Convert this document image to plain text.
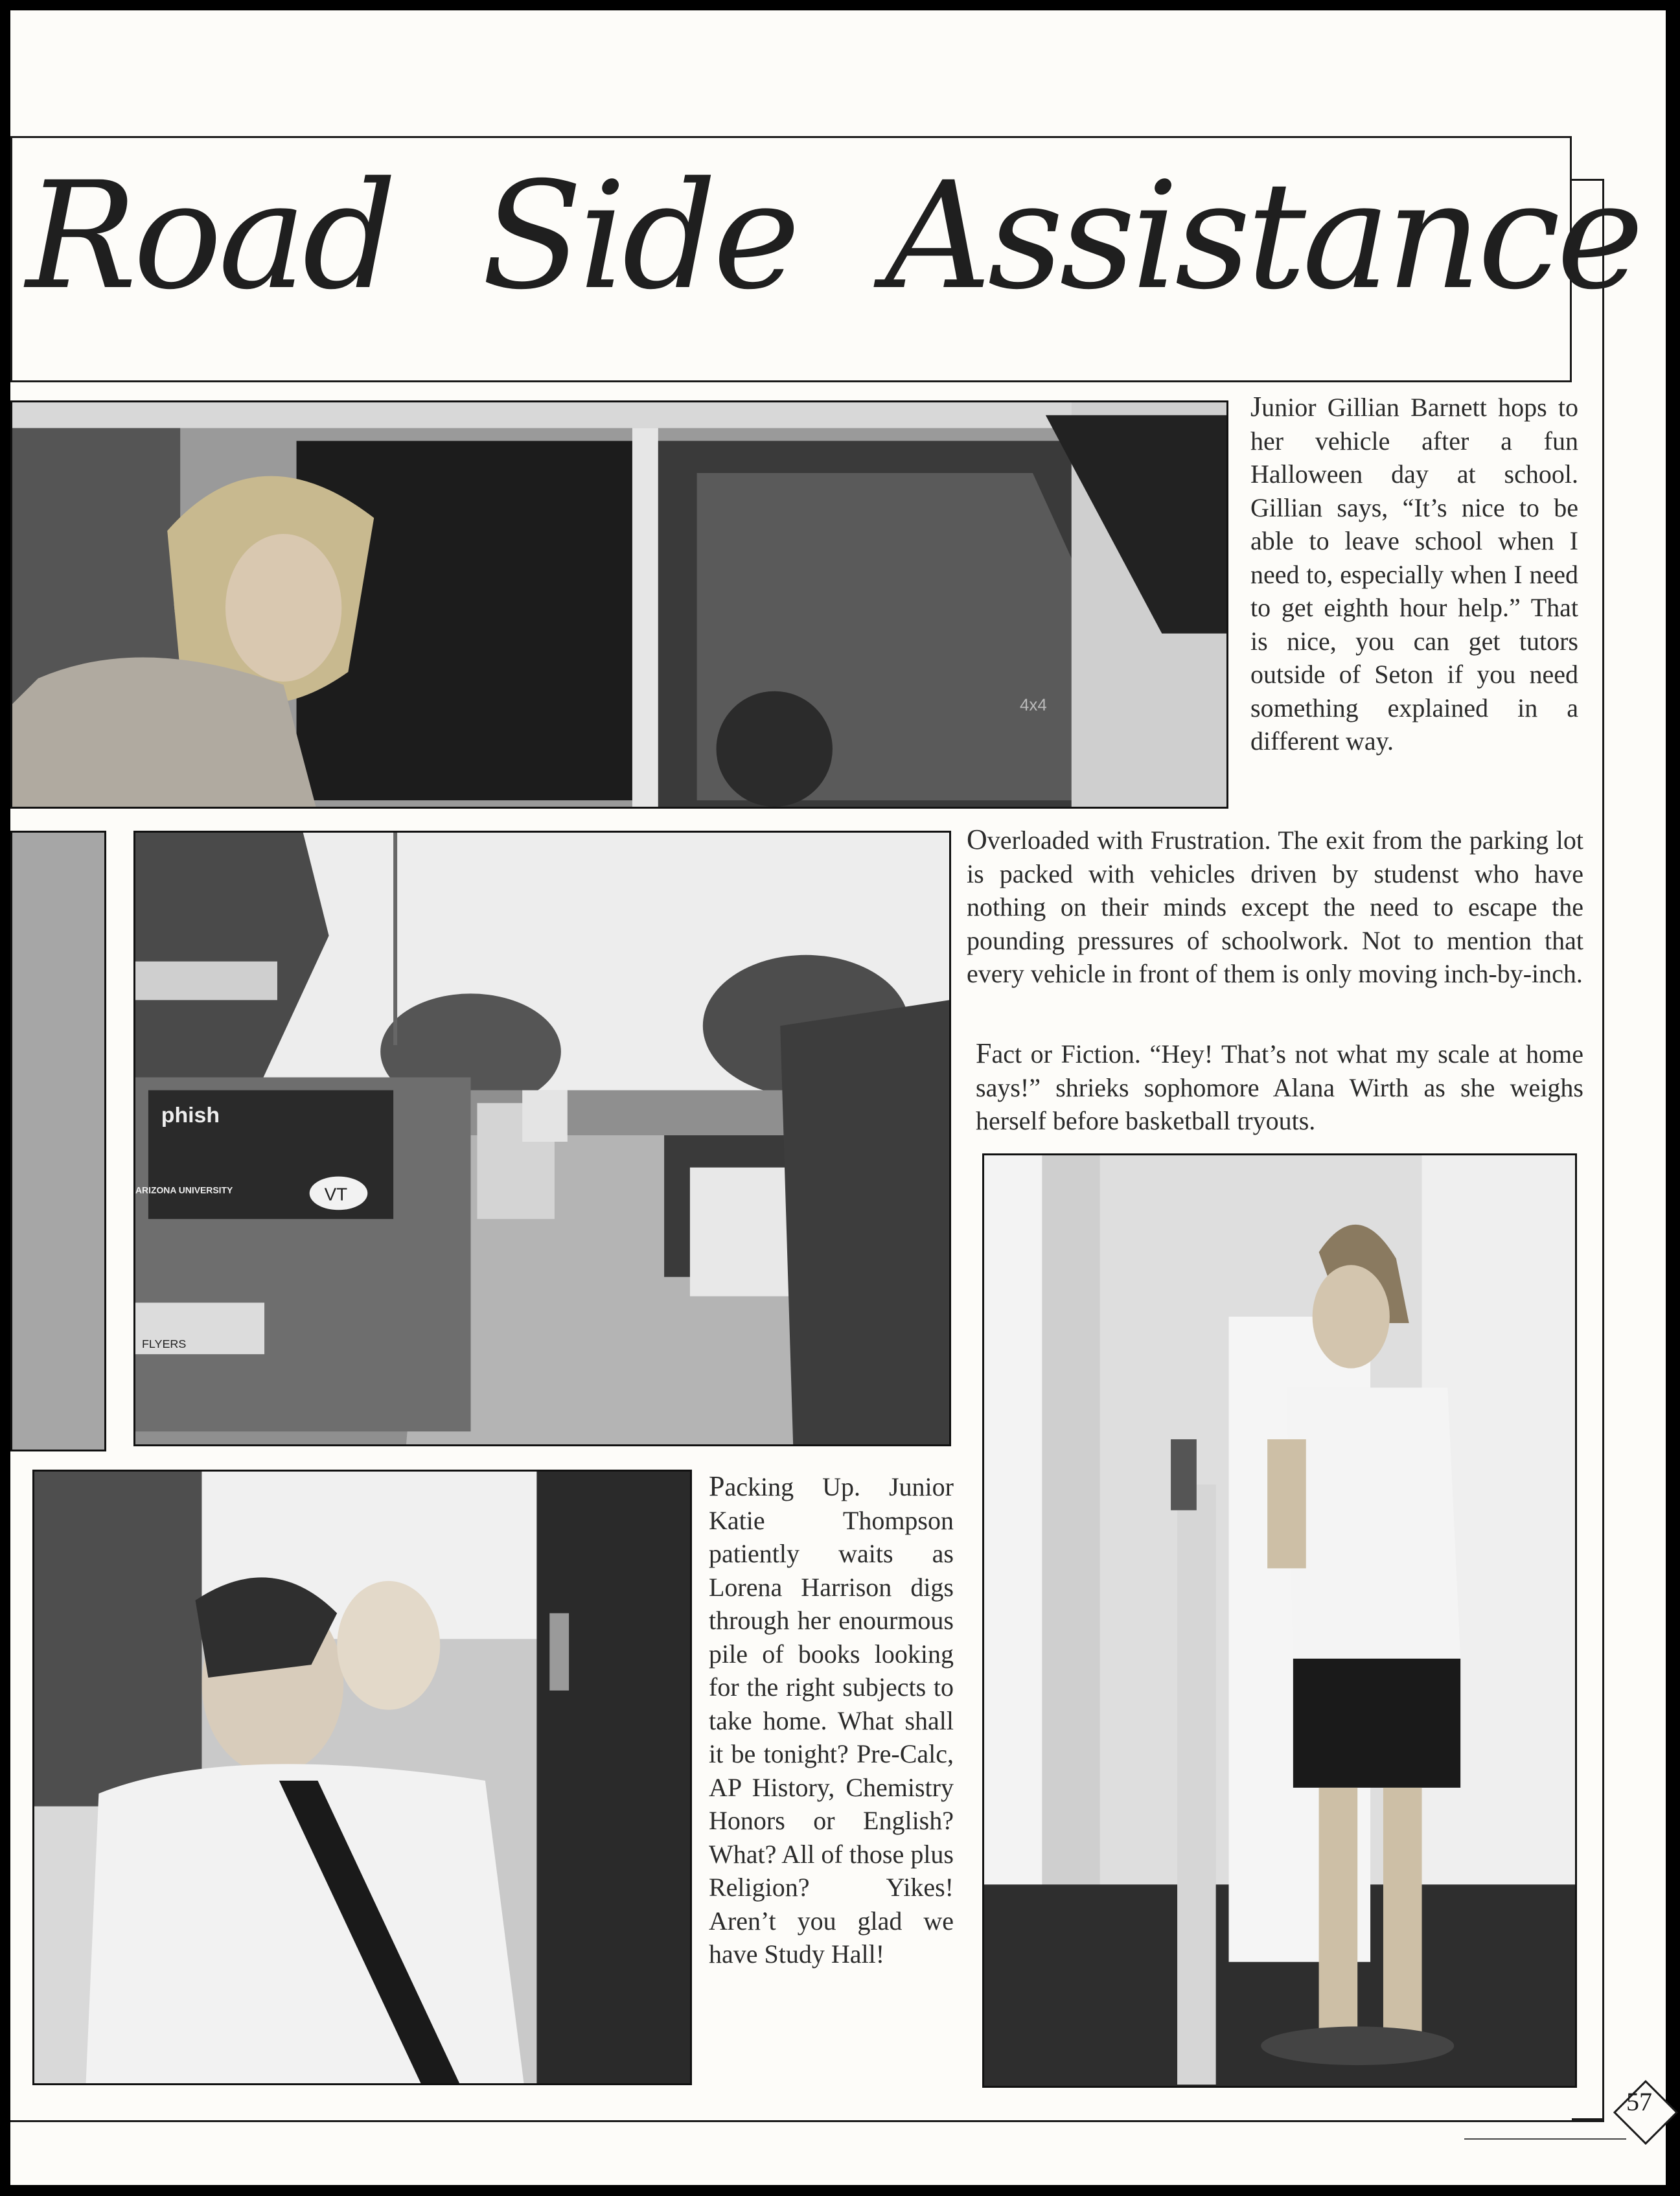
Road Side Assistance
4x4

Junior Gillian Barnett hops to her vehicle after a fun Halloween day at school. Gillian says, “It’s nice to be able to leave school when I need to, especially when I need to get eighth hour help.” That is nice, you can get tutors outside of Seton if you need something explained in a different way.

phish
ARIZONA UNIVERSITY	VT
FLYERS

Overloaded with Frustration. The exit from the parking lot is packed with vehicles driven by studenst who have nothing on their minds except the need to escape the pounding pressures of schoolwork. Not to mention that every vehicle in front of them is only moving inch-by-inch.

Fact or Fiction. “Hey! That’s not what my scale at home says!” shrieks sophomore Alana Wirth as she weighs herself before basketball tryouts.

Packing Up. Junior Katie Thompson patiently waits as Lorena Harrison digs through her enourmous pile of books looking for the right subjects to take home. What shall it be tonight? Pre-Calc, AP History, Chemistry Honors or English? What? All of those plus Religion? Yikes! Aren’t you glad we have Study Hall!

57
